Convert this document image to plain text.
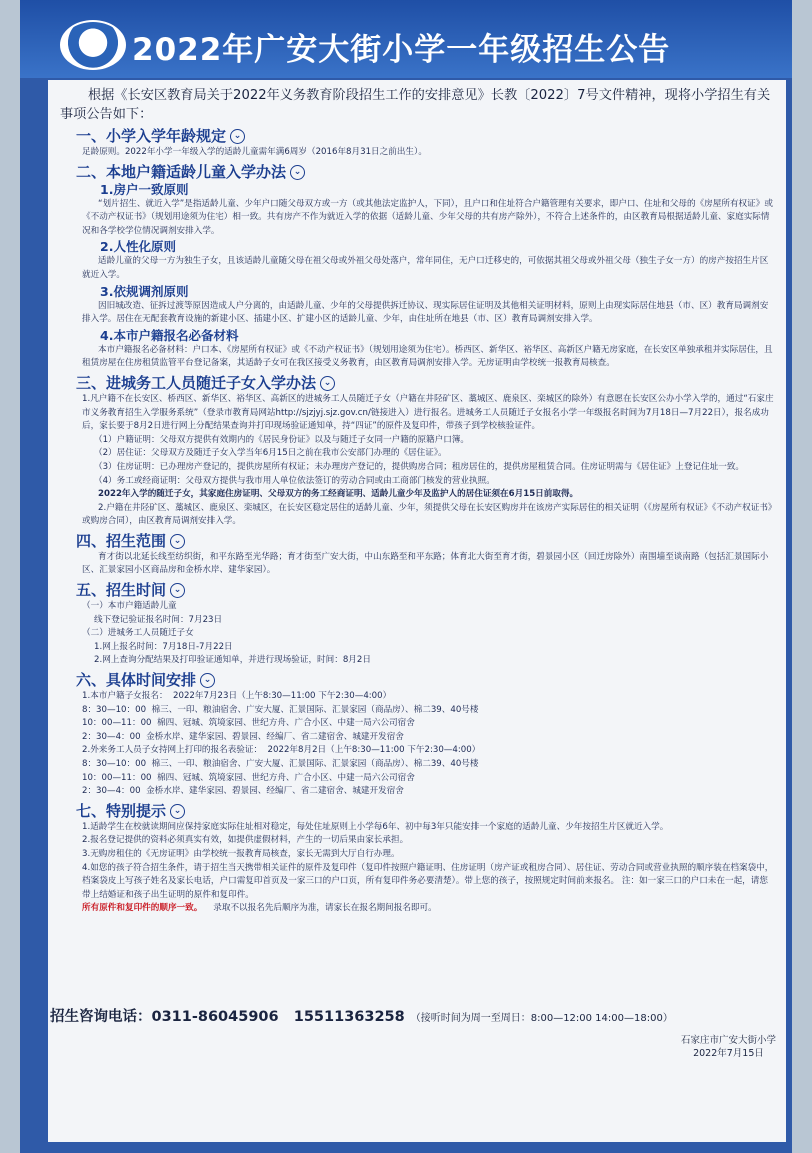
2022年广安大街小学一年级招生公告
根据《长安区教育局关于2022年义务教育阶段招生工作的安排意见》长教〔2022〕7号文件精神，现将小学招生有关事项公告如下：
一、小学入学年龄规定 ⌄
足龄原则。2022年小学一年级入学的适龄儿童需年满6周岁（2016年8月31日之前出生）。
二、本地户籍适龄儿童入学办法 ⌄
1.房户一致原则
“划片招生、就近入学”是指适龄儿童、少年户口随父母双方或一方（或其他法定监护人，下同），且户口和住址符合户籍管理有关要求，即户口、住址和父母的《房屋所有权证》或《不动产权证书》（规划用途须为住宅）相一致。共有房产不作为就近入学的依据（适龄儿童、少年父母的共有房产除外），不符合上述条件的，由区教育局根据适龄儿童、家庭实际情况和各学校学位情况调剂安排入学。
2.人性化原则
适龄儿童的父母一方为独生子女，且该适龄儿童随父母在祖父母或外祖父母处落户，常年同住，无户口迁移史的，可依据其祖父母或外祖父母（独生子女一方）的房产按招生片区就近入学。
3.依规调剂原则
因旧城改造、征拆过渡等原因造成人户分离的，由适龄儿童、少年的父母提供拆迁协议、现实际居住证明及其他相关证明材料，原则上由现实际居住地县（市、区）教育局调剂安排入学。居住在无配套教育设施的新建小区、插建小区、扩建小区的适龄儿童、少年，由住址所在地县（市、区）教育局调剂安排入学。
4.本市户籍报名必备材料
本市户籍报名必备材料：户口本、《房屋所有权证》或《不动产权证书》（规划用途须为住宅）。桥西区、新华区、裕华区、高新区户籍无房家庭，在长安区单独承租并实际居住，且租赁房屋在住房租赁监管平台登记备案，其适龄子女可在我区接受义务教育，由区教育局调剂安排入学。无房证明由学校统一报教育局核查。
三、进城务工人员随迁子女入学办法 ⌄
1.凡户籍不在长安区、桥西区、新华区、裕华区、高新区的进城务工人员随迁子女（户籍在井陉矿区、藁城区、鹿泉区、栾城区的除外）有意愿在长安区公办小学入学的，通过“石家庄市义务教育招生入学服务系统”（登录市教育局网站http://sjzjyj.sjz.gov.cn/链接进入）进行报名。进城务工人员随迁子女报名小学一年级报名时间为7月18日—7月22日），报名成功后，家长要于8月2日进行网上分配结果查询并打印现场验证通知单，持“四证”的原件及复印件，带孩子到学校核验证件。
（1）户籍证明：父母双方提供有效期内的《居民身份证》以及与随迁子女同一户籍的原籍户口簿。
（2）居住证：父母双方及随迁子女入学当年6月15日之前在我市公安部门办理的《居住证》。
（3）住房证明：已办理房产登记的，提供房屋所有权证；未办理房产登记的，提供购房合同；租房居住的，提供房屋租赁合同。住房证明需与《居住证》上登记住址一致。
（4）务工或经商证明：父母双方提供与我市用人单位依法签订的劳动合同或由工商部门核发的营业执照。
2022年入学的随迁子女，其家庭住房证明、父母双方的务工经商证明、适龄儿童少年及监护人的居住证须在6月15日前取得。
2.户籍在井陉矿区、藁城区、鹿泉区、栾城区，在长安区稳定居住的适龄儿童、少年，须提供父母在长安区购房并在该房产实际居住的相关证明（《房屋所有权证》《不动产权证书》或购房合同），由区教育局调剂安排入学。
四、招生范围 ⌄
育才街以北延长线至纺织街，和平东路至光华路；育才街至广安大街，中山东路至和平东路；体育北大街至育才街，碧景园小区（回迁房除外）南围墙至谈南路（包括汇景国际小区、汇景家园小区商品房和金桥水岸、建华家园）。
五、招生时间 ⌄
（一）本市户籍适龄儿童
线下登记验证报名时间：7月23日
（二）进城务工人员随迁子女
1.网上报名时间：7月18日-7月22日
2.网上查询分配结果及打印验证通知单，并进行现场验证，时间：8月2日
六、具体时间安排 ⌄
1.本市户籍子女报名： 2022年7月23日（上午8:30—11:00 下午2:30—4:00）
8：30—10：00 棉三、一印、粮油宿舍、广安大厦、汇景国际、汇景家园（商品房）、棉二39、40号楼
10：00—11：00 棉四、冠城、筑境家园、世纪方舟、广合小区、中建一局六公司宿舍
2：30—4：00 金桥水岸、建华家园、碧景园、经编厂、省二建宿舍、城建开发宿舍
2.外来务工人员子女持网上打印的报名表验证： 2022年8月2日（上午8:30—11:00 下午2:30—4:00）
8：30—10：00 棉三、一印、粮油宿舍、广安大厦、汇景国际、汇景家园（商品房）、棉二39、40号楼
10：00—11：00 棉四、冠城、筑境家园、世纪方舟、广合小区、中建一局六公司宿舍
2：30—4：00 金桥水岸、建华家园、碧景园、经编厂、省二建宿舍、城建开发宿舍
七、特别提示 ⌄
1.适龄学生在校就读期间应保持家庭实际住址相对稳定，每处住址原则上小学每6年、初中每3年只能安排一个家庭的适龄儿童、少年按招生片区就近入学。
2.报名登记提供的资料必须真实有效，如提供虚假材料，产生的一切后果由家长承担。
3.无购房租住的《无房证明》由学校统一报教育局核查，家长无需到大厅自行办理。
4.如您的孩子符合招生条件，请于招生当天携带相关证件的原件及复印件（复印件按照户籍证明、住房证明（房产证或租房合同）、居住证、劳动合同或营业执照的顺序装在档案袋中，档案袋皮上写孩子姓名及家长电话，户口需复印首页及一家三口的户口页，所有复印件务必要清楚）。带上您的孩子，按照规定时间前来报名。 注：如一家三口的户口未在一起，请您带上结婚证和孩子出生证明的原件和复印件。
所有原件和复印件的顺序一致。 录取不以报名先后顺序为准，请家长在报名期间报名即可。
招生咨询电话：0311-86045906 15511363258 （接听时间为周一至周日：8:00—12:00 14:00—18:00）
石家庄市广安大街小学
2022年7月15日
